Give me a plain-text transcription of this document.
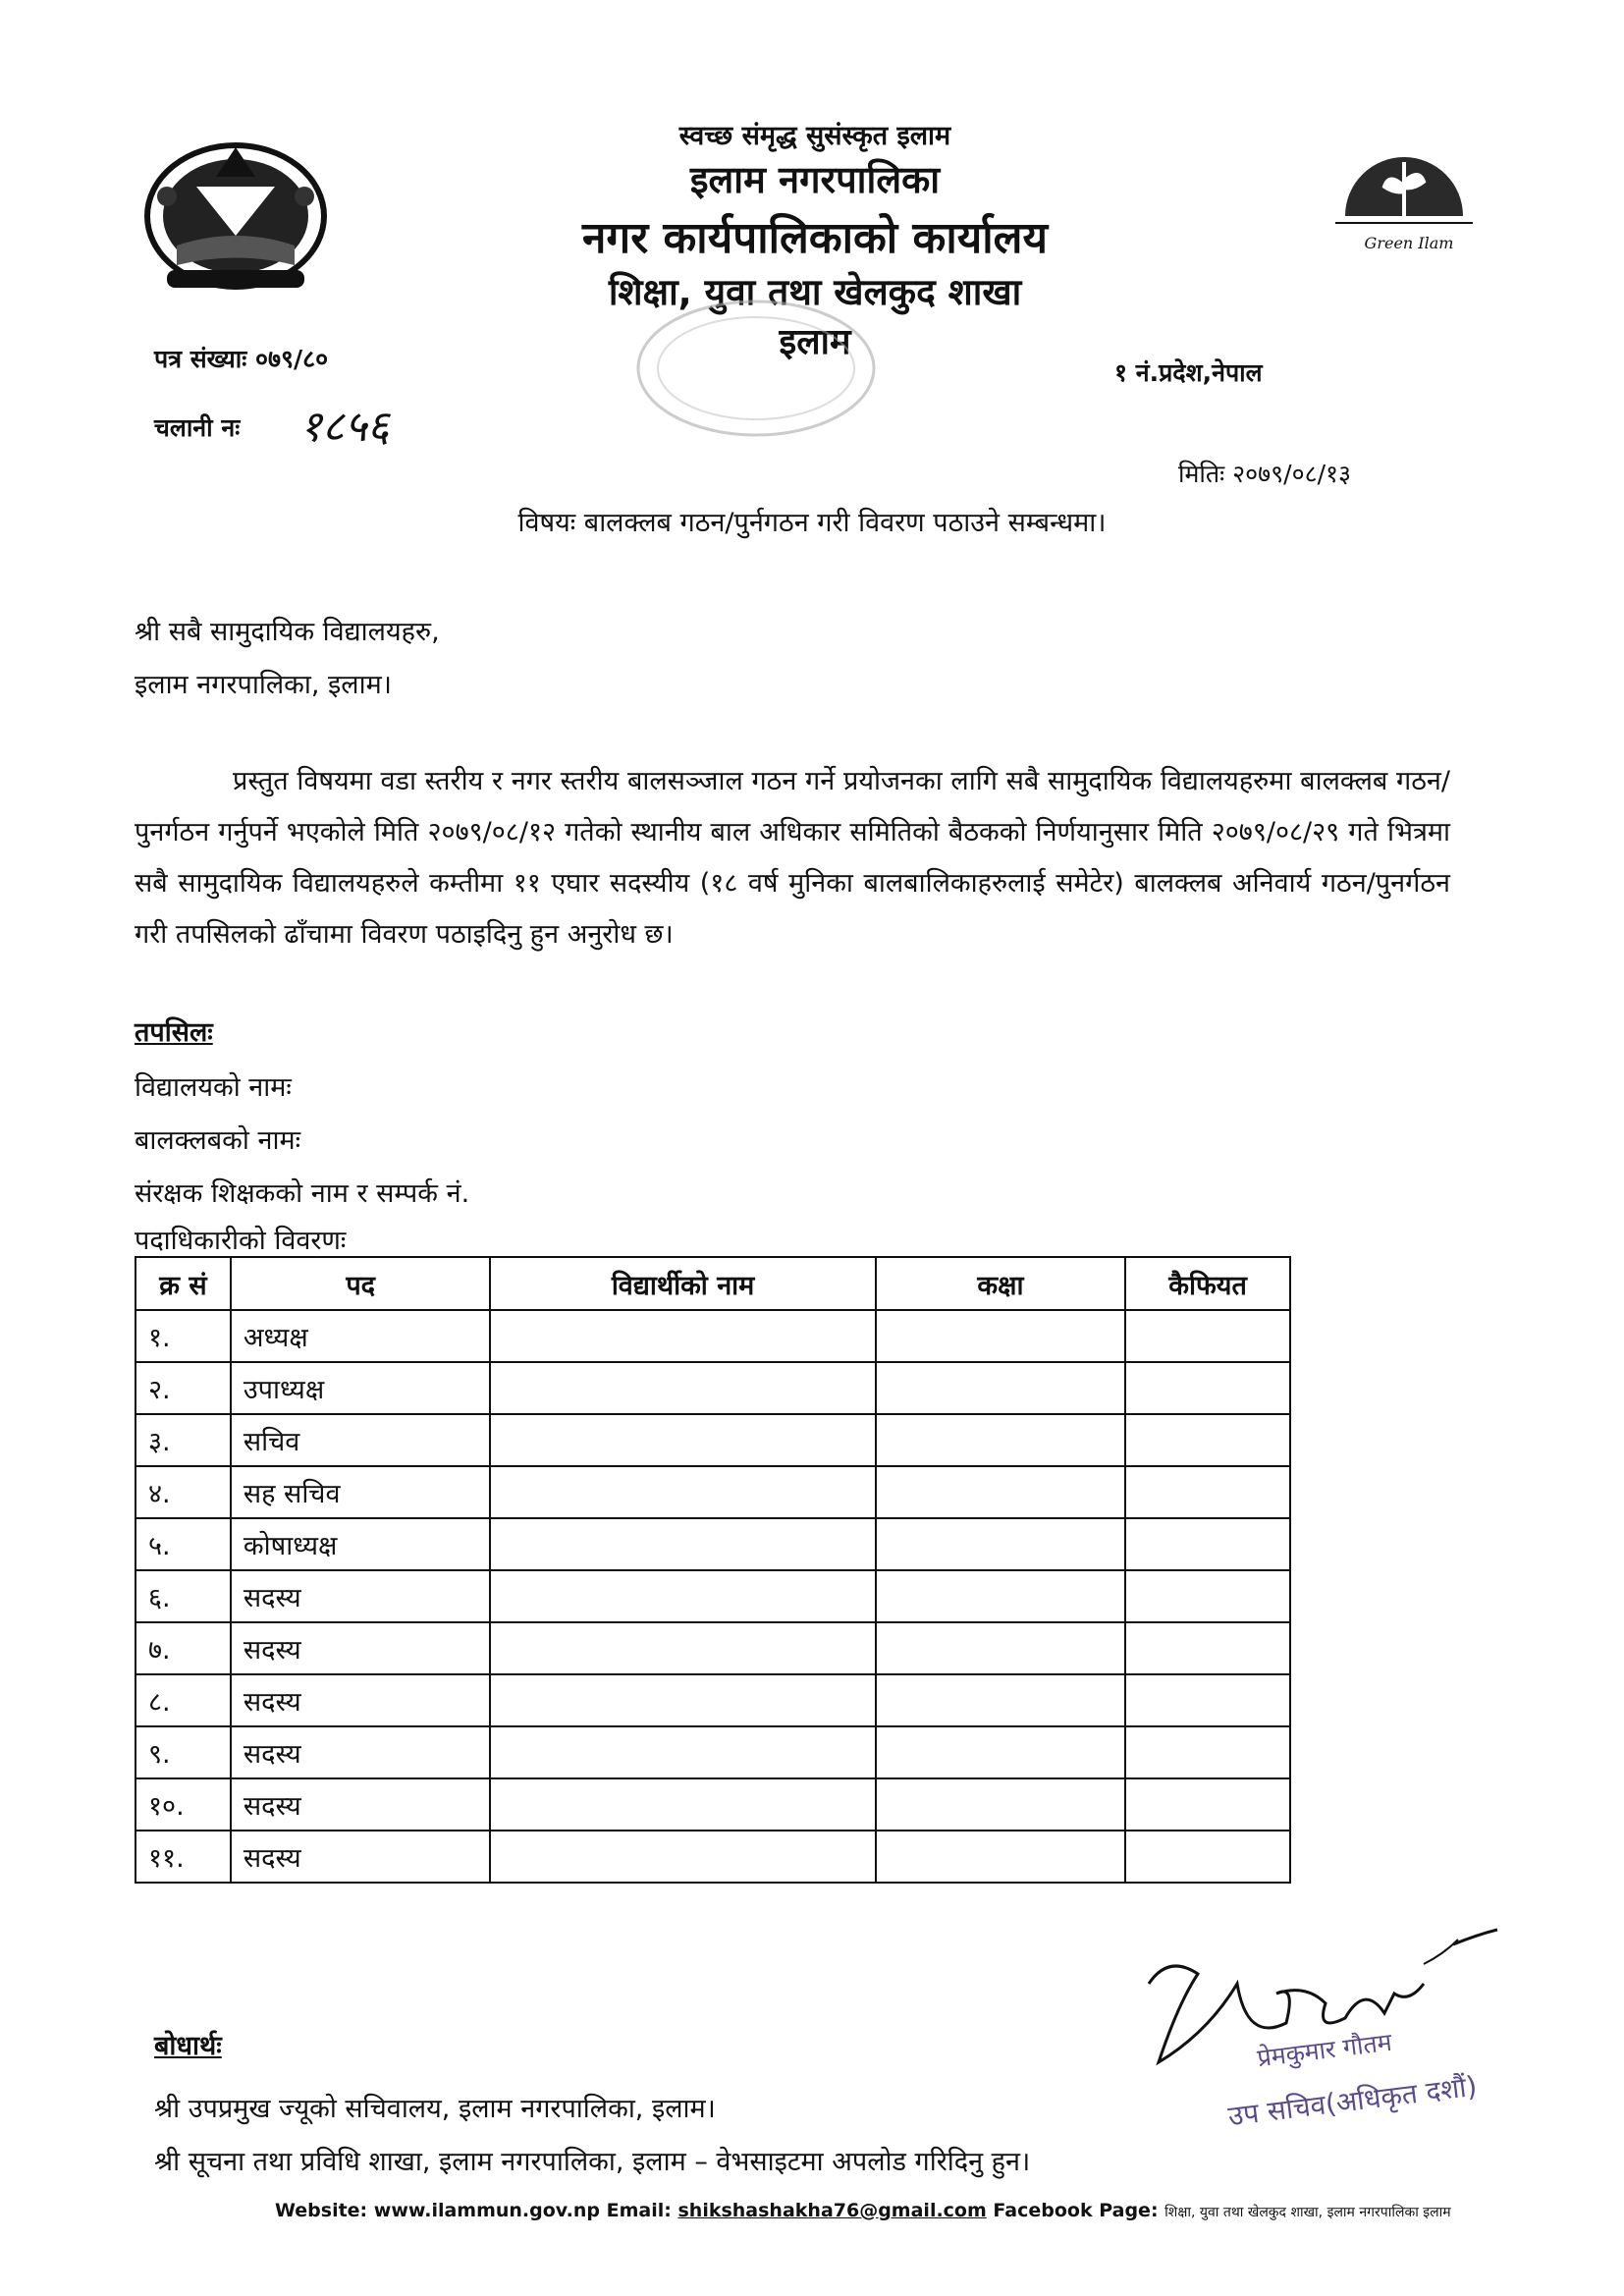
Green Ilam
स्वच्छ संमृद्ध सुसंस्कृत इलाम
इलाम नगरपालिका
नगर कार्यपालिकाको कार्यालय
शिक्षा, युवा तथा खेलकुद शाखा
इलाम
पत्र संख्याः ०७९/८०	१ नं.प्रदेश,नेपाल
चलानी नः १८५६
मितिः २०७९/०८/१३
विषयः बालक्लब गठन/पुर्नगठन गरी विवरण पठाउने सम्बन्धमा।
श्री सबै सामुदायिक विद्यालयहरु,
इलाम नगरपालिका, इलाम।
प्रस्तुत विषयमा वडा स्तरीय र नगर स्तरीय बालसञ्जाल गठन गर्ने प्रयोजनका लागि सबै सामुदायिक विद्यालयहरुमा बालक्लब गठन/पुनर्गठन गर्नुपर्ने भएकोले मिति २०७९/०८/१२ गतेको स्थानीय बाल अधिकार समितिको बैठकको निर्णयानुसार मिति २०७९/०८/२९ गते भित्रमा सबै सामुदायिक विद्यालयहरुले कम्तीमा ११ एघार सदस्यीय (१८ वर्ष मुनिका बालबालिकाहरुलाई समेटेर) बालक्लब अनिवार्य गठन/पुनर्गठन गरी तपसिलको ढाँचामा विवरण पठाइदिनु हुन अनुरोध छ।
तपसिलः
विद्यालयको नामः
बालक्लबको नामः
संरक्षक शिक्षकको नाम र सम्पर्क नं.
पदाधिकारीको विवरणः
क्र सं	पद	विद्यार्थीको नाम	कक्षा	कैफियत
१.	अध्यक्ष			
२.	उपाध्यक्ष			
३.	सचिव			
४.	सह सचिव			
५.	कोषाध्यक्ष			
६.	सदस्य			
७.	सदस्य			
८.	सदस्य			
९.	सदस्य			
१०.	सदस्य			
११.	सदस्य			
प्रेमकुमार गौतम
उप सचिव(अधिकृत दशौं)
बोधार्थः
श्री उपप्रमुख ज्यूको सचिवालय, इलाम नगरपालिका, इलाम।
श्री सूचना तथा प्रविधि शाखा, इलाम नगरपालिका, इलाम – वेभसाइटमा अपलोड गरिदिनु हुन।
Website: www.ilammun.gov.np Email: shikshashakha76@gmail.com Facebook Page: शिक्षा, युवा तथा खेलकुद शाखा, इलाम नगरपालिका इलाम
